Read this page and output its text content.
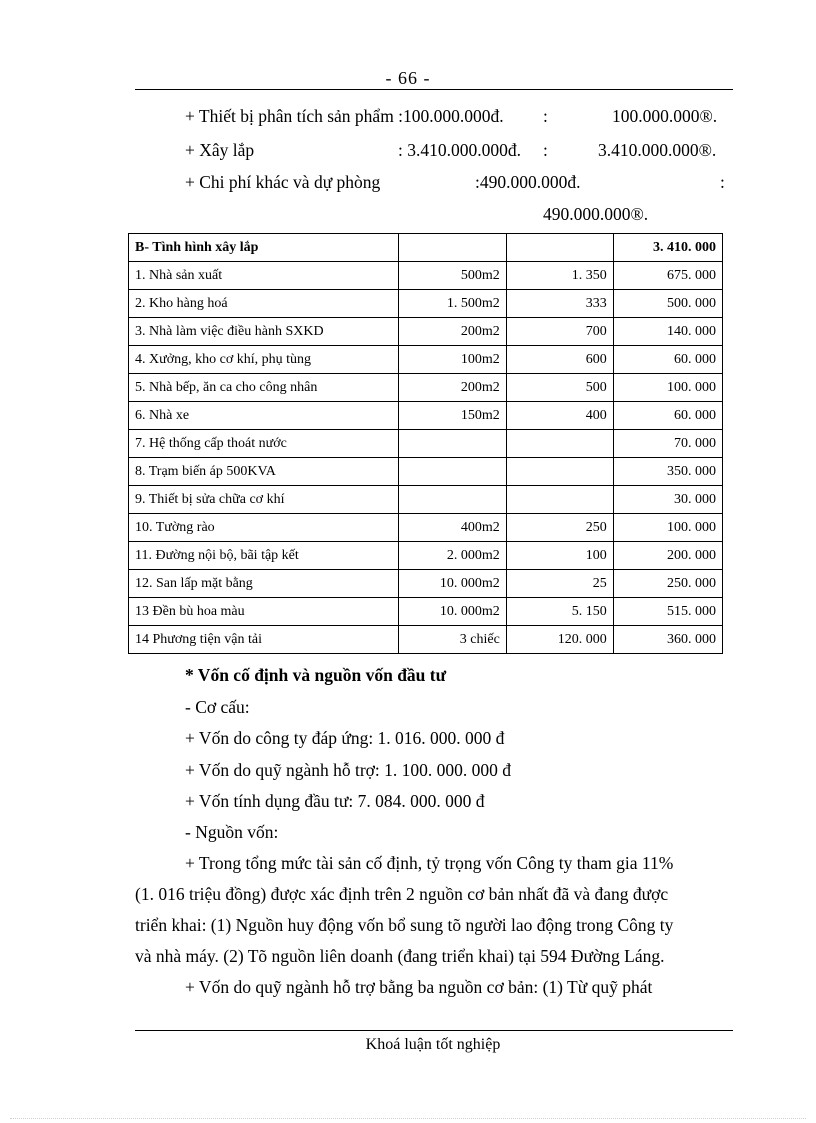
- 66 -
+ Thiết bị phân tích sản phẩm :100.000.000đ. :	100.000.000®.
+ Xây lắp	: 3.410.000.000đ. :	3.410.000.000®.
+ Chi phí khác và dự phòng	:490.000.000đ.	:
490.000.000®.
B- Tình hình xây lắp			3. 410. 000
1. Nhà sản xuất	500m2	1. 350	675. 000
2. Kho hàng hoá	1. 500m2	333	500. 000
3. Nhà làm việc điều hành SXKD	200m2	700	140. 000
4. Xưởng, kho cơ khí, phụ tùng	100m2	600	60. 000
5. Nhà bếp, ăn ca cho công nhân	200m2	500	100. 000
6. Nhà xe	150m2	400	60. 000
7. Hệ thống cấp thoát nước			70. 000
8. Trạm biến áp 500KVA			350. 000
9. Thiết bị sửa chữa cơ khí			30. 000
10. Tường rào	400m2	250	100. 000
11. Đường nội bộ, bãi tập kết	2. 000m2	100	200. 000
12. San lấp mặt bằng	10. 000m2	25	250. 000
13 Đền bù hoa màu	10. 000m2	5. 150	515. 000
14 Phương tiện vận tải	3 chiếc	120. 000	360. 000
* Vốn cố định và nguồn vốn đầu tư
- Cơ cấu:
+ Vốn do công ty đáp ứng: 1. 016. 000. 000 đ
+ Vốn do quỹ ngành hỗ trợ: 1. 100. 000. 000 đ
+ Vốn tính dụng đầu tư: 7. 084. 000. 000 đ
- Nguồn vốn:
+ Trong tổng mức tài sản cố định, tỷ trọng vốn Công ty tham gia 11%
(1. 016 triệu đồng) được xác định trên 2 nguồn cơ bản nhất đã và đang được
triển khai: (1) Nguồn huy động vốn bổ sung tõ người lao động trong Công ty
và nhà máy. (2) Tõ nguồn liên doanh (đang triển khai) tại 594 Đường Láng.
+ Vốn do quỹ ngành hỗ trợ bằng ba nguồn cơ bản: (1) Từ quỹ phát
Khoá luận tốt nghiệp
